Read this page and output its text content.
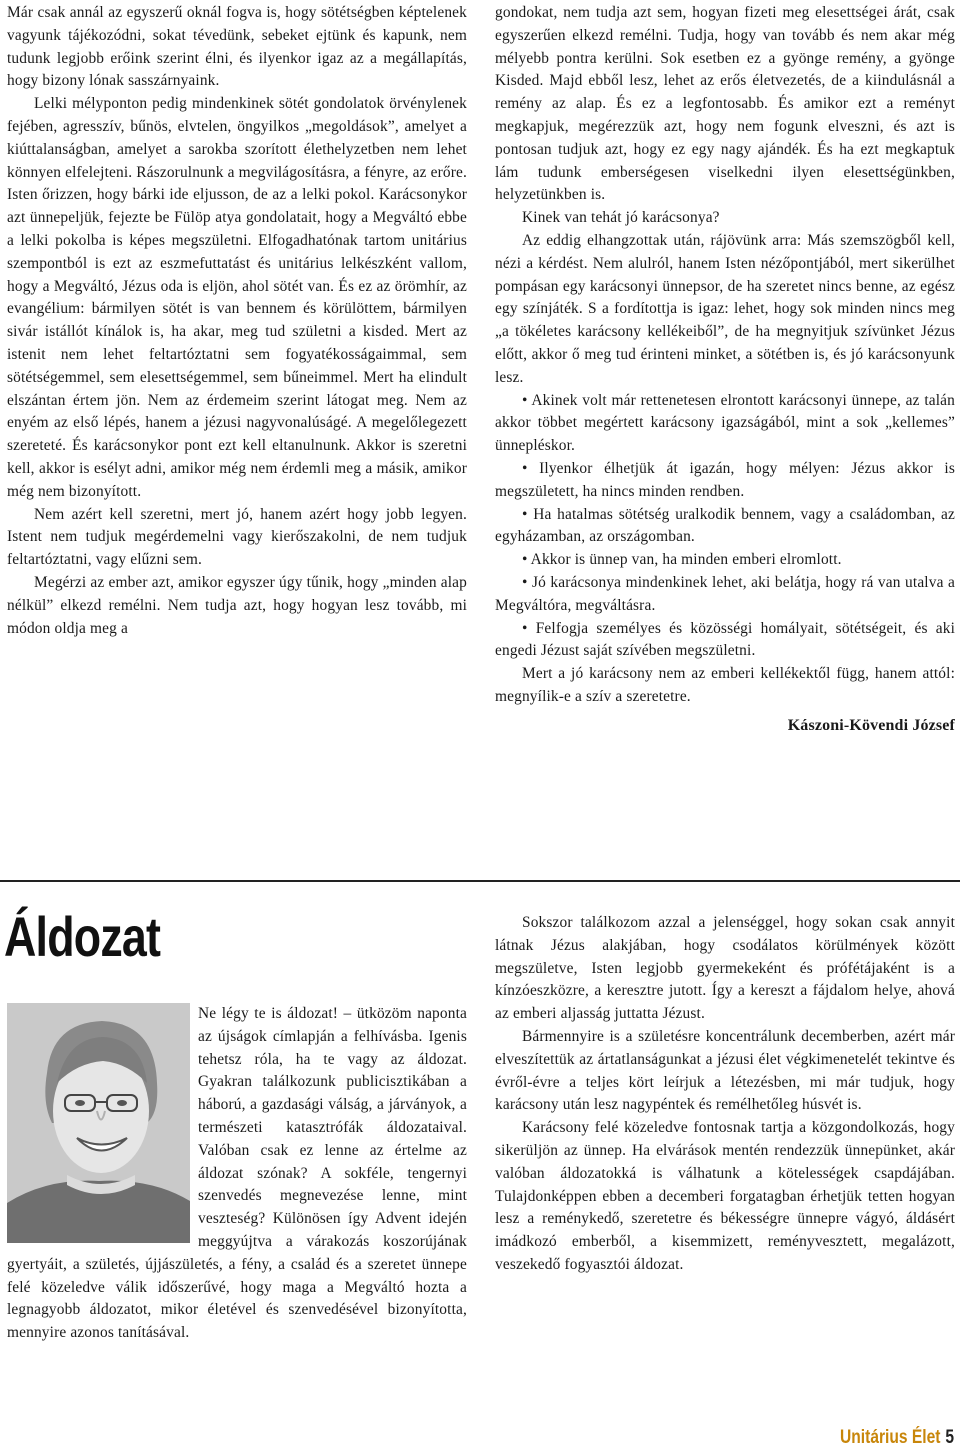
Már csak annál az egyszerű oknál fogva is, hogy sötétségben képtelenek vagyunk tájékozódni, sokat tévedünk, sebeket ejtünk és kapunk, nem tudunk legjobb erőink szerint élni, és ilyenkor igaz az a megállapítás, hogy bizony lónak sasszárnyaink.

Lelki mélyponton pedig mindenkinek sötét gondolatok örvénylenek fejében, agresszív, bűnös, elvtelen, öngyilkos „megoldások”, amelyet a kiúttalanságban, amelyet a sarokba szorított élethelyzetben nem lehet könnyen elfelejteni. Rászorulnunk a megvilágosításra, a fényre, az erőre. Isten őrizzen, hogy bárki ide eljusson, de az a lelki pokol. Karácsonykor azt ünnepeljük, fejezte be Fülöp atya gondolatait, hogy a Megváltó ebbe a lelki pokolba is képes megszületni. Elfogadhatónak tartom unitárius szempontból is ezt az eszmefuttatást és unitárius lelkészként vallom, hogy a Megváltó, Jézus oda is eljön, ahol sötét van. És ez az örömhír, az evangélium: bármilyen sötét is van bennem és körülöttem, bármilyen sivár istállót kínálok is, ha akar, meg tud születni a kisded. Mert az istenit nem lehet feltartóztatni sem fogyatékosságaimmal, sem sötétségemmel, sem elesettségemmel, sem bűneimmel. Mert ha elindult elszántan értem jön. Nem az érdemeim szerint látogat meg. Nem az enyém az első lépés, hanem a jézusi nagyvonalúságé. A megelőlegezett szereteté. És karácsonykor pont ezt kell eltanulnunk. Akkor is szeretni kell, akkor is esélyt adni, amikor még nem érdemli meg a másik, amikor még nem bizonyított.

Nem azért kell szeretni, mert jó, hanem azért hogy jobb legyen. Istent nem tudjuk megérdemelni vagy kierőszakolni, de nem tudjuk feltartóztatni, vagy elűzni sem.

Megérzi az ember azt, amikor egyszer úgy tűnik, hogy „minden alap nélkül” elkezd remélni. Nem tudja azt, hogy hogyan lesz tovább, mi módon oldja meg a

gondokat, nem tudja azt sem, hogyan fizeti meg elesettségei árát, csak egyszerűen elkezd remélni. Tudja, hogy van tovább és nem akar még mélyebb pontra kerülni. Sok esetben ez a gyönge remény, a gyönge Kisded. Majd ebből lesz, lehet az erős életvezetés, de a kiindulásnál a remény az alap. És ez a legfontosabb. És amikor ezt a reményt megkapjuk, megérezzük azt, hogy nem fogunk elveszni, és azt is pontosan tudjuk azt, hogy ez egy nagy ajándék. És ha ezt megkaptuk lám tudunk emberségesen viselkedni ilyen elesettségünkben, helyzetünkben is.

Kinek van tehát jó karácsonya?

Az eddig elhangzottak után, rájövünk arra: Más szemszögből kell, nézi a kérdést. Nem alulról, hanem Isten nézőpontjából, mert sikerülhet pompásan egy karácsonyi ünnepsor, de ha szeretet nincs benne, az egész egy színjáték. S a fordítottja is igaz: lehet, hogy sok minden nincs meg „a tökéletes karácsony kellékeiből”, de ha megnyitjuk szívünket Jézus előtt, akkor ő meg tud érinteni minket, a sötétben is, és jó karácsonyunk lesz.

• Akinek volt már rettenetesen elrontott karácsonyi ünnepe, az talán akkor többet megértett karácsony igazságából, mint a sok „kellemes” ünnepléskor.

• Ilyenkor élhetjük át igazán, hogy mélyen: Jézus akkor is megszületett, ha nincs minden rendben.

• Ha hatalmas sötétség uralkodik bennem, vagy a családomban, az egyházamban, az országomban.

• Akkor is ünnep van, ha minden emberi elromlott.

• Jó karácsonya mindenkinek lehet, aki belátja, hogy rá van utalva a Megváltóra, megváltásra.

• Felfogja személyes és közösségi homályait, sötétségeit, és aki engedi Jézust saját szívében megszületni.

Mert a jó karácsony nem az emberi kellékektől függ, hanem attól: megnyílik-e a szív a szeretetre.

Kászoni-Kövendi József

Áldozat

Ne légy te is áldozat! – ütközöm naponta az újságok címlapján a felhívásba. Igenis tehetsz róla, ha te vagy az áldozat. Gyakran találkozunk publicisztikában a háború, a gazdasági válság, a járványok, a természeti katasztrófák áldozataival. Valóban csak ez lenne az értelme az áldozat szónak? A sokféle, tengernyi szenvedés megnevezése lenne, mint veszteség? Különösen így Advent idején meggyújtva a várakozás koszorújának gyertyáit, a születés, újjászületés, a fény, a család és a szeretet ünnepe felé közeledve válik időszerűvé, hogy maga a Megváltó hozta a legnagyobb áldozatot, mikor életével és szenvedésével bizonyította, mennyire azonos tanításával.

Sokszor találkozom azzal a jelenséggel, hogy sokan csak annyit látnak Jézus alakjában, hogy csodálatos körülmények között megszületve, Isten legjobb gyermekeként és prófétájaként is a kínzóeszközre, a keresztre jutott. Így a kereszt a fájdalom helye, ahová az emberi aljasság juttatta Jézust.

Bármennyire is a születésre koncentrálunk decemberben, azért már elveszítettük az ártatlanságunkat a jézusi élet végkimenetelét tekintve és évről-évre a teljes kört leírjuk a létezésben, mi már tudjuk, hogy karácsony után lesz nagypéntek és remélhetőleg húsvét is.

Karácsony felé közeledve fontosnak tartja a közgondolkozás, hogy sikerüljön az ünnep. Ha elvárások mentén rendezzük ünnepünket, akár valóban áldozatokká is válhatunk a kötelességek csapdájában. Tulajdonképpen ebben a decemberi forgatagban érhetjük tetten hogyan lesz a reménykedő, szeretetre és békességre ünnepre vágyó, áldásért imádkozó emberből, a kisemmizett, reményvesztett, megalázott, veszekedő fogyasztói áldozat.

Unitárius Élet 5
